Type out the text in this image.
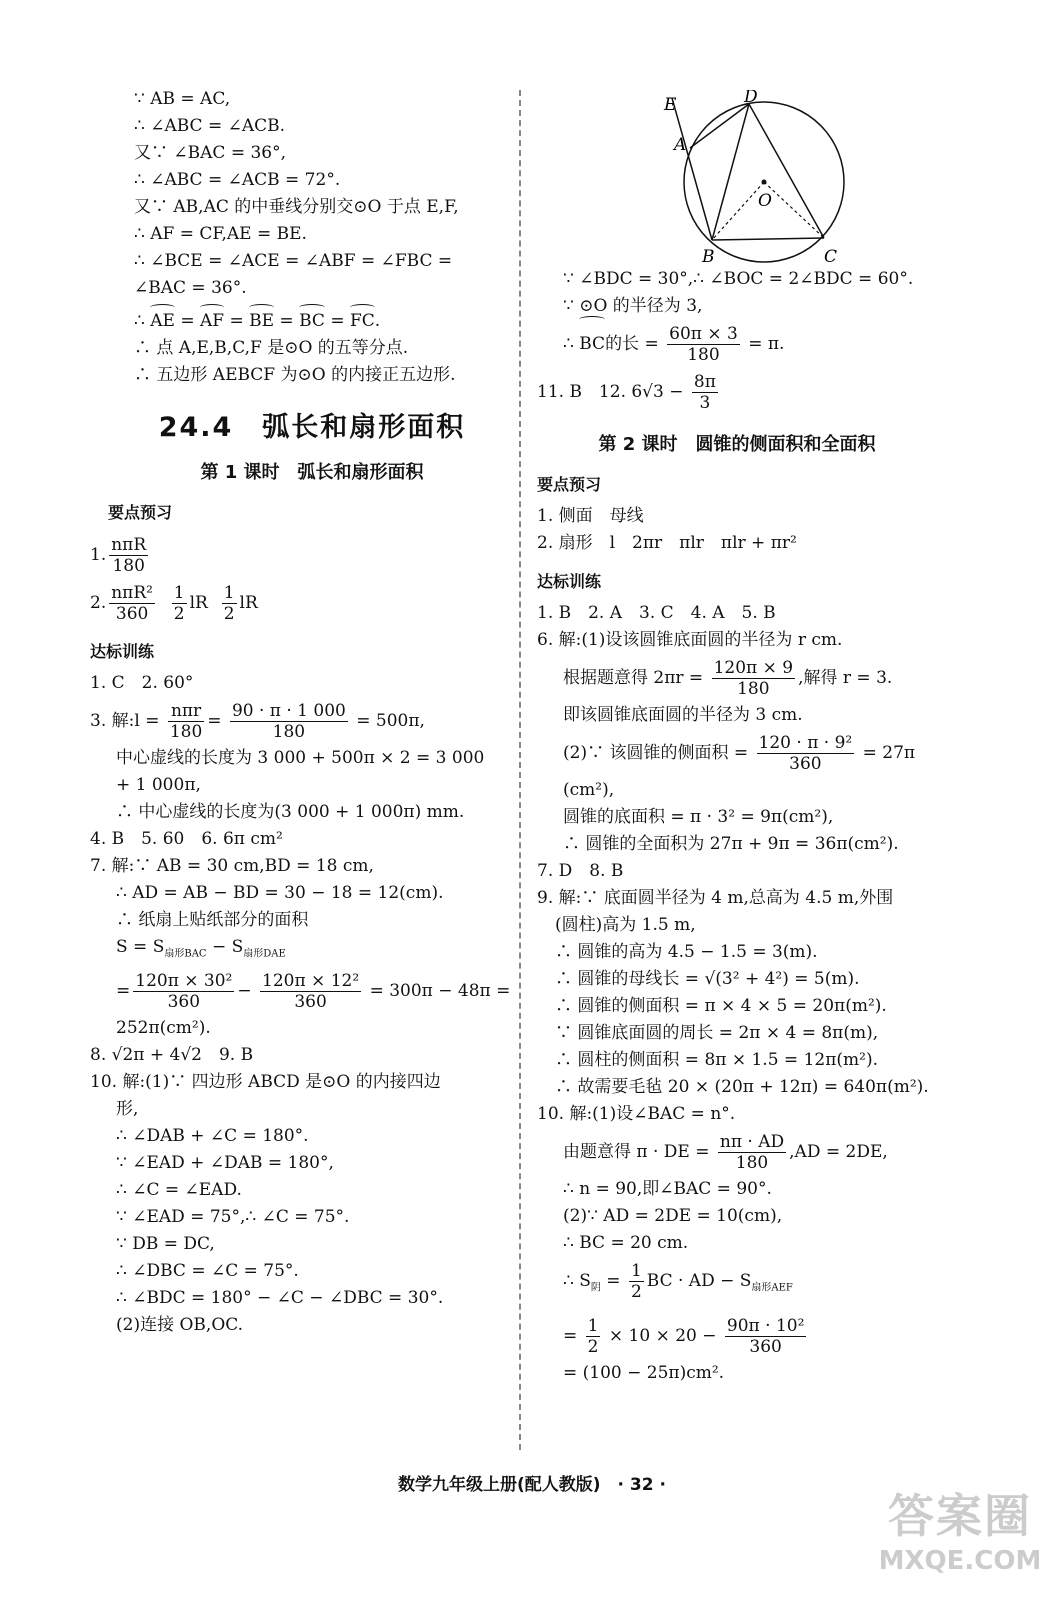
∵ AB = AC,
∴ ∠ABC = ∠ACB.
又∵ ∠BAC = 36°,
∴ ∠ABC = ∠ACB = 72°.
又∵ AB,AC 的中垂线分别交⊙O 于点 E,F,
∴ AF = CF,AE = BE.
∴ ∠BCE = ∠ACE = ∠ABF = ∠FBC =
∠BAC = 36°.
∴ AE = AF = BE = BC = FC.
∴ 点 A,E,B,C,F 是⊙O 的五等分点.
∴ 五边形 AEBCF 为⊙O 的内接正五边形.
24.4　弧长和扇形面积
第 1 课时　弧长和扇形面积
要点预习
1. $\frac{\text{nπR}}{180}$
2. $\frac{\text{nπR²}}{360}$
$\frac{1}{2}$ lR $\frac{1}{2}$ lR
达标训练
1. C　2. 60°
3. 解:l = $\frac{\text{nπr}}{180} = \frac{90 \cdot \pi \cdot 1 000}{180} = 500\pi$,
中心虚线的长度为 3 000 + 500π × 2 = 3 000
+ 1 000π,
∴ 中心虚线的长度为(3 000 + 1 000π) mm.
4. B　5. 60　6. 6π cm²
7. 解:∵ AB = 30 cm,BD = 18 cm,
∴ AD = AB − BD = 30 − 18 = 12(cm).
∴ 纸扇上贴纸部分的面积
$S = S_{扇形BAC} - S_{扇形DAE}$
= $\frac{\text{120π × 30²}}{360} - \frac{\text{120π × 12²}}{360} = 300\pi - 48\pi$ =
252π(cm²).
8. √2π + 4√2　9. B
10. 解:(1)∵ 四边形 ABCD 是⊙O 的内接四边
形,
∴ ∠DAB + ∠C = 180°.
∵ ∠EAD + ∠DAB = 180°,
∴ ∠C = ∠EAD.
∵ ∠EAD = 75°,∴ ∠C = 75°.
∵ DB = DC,
∴ ∠DBC = ∠C = 75°.
∴ ∠BDC = 180° − ∠C − ∠DBC = 30°.
(2)连接 OB,OC.
E	D
A
O
B	C
∵ ∠BDC = 30°,∴ ∠BOC = 2∠BDC = 60°.
∵ ⊙O 的半径为 3,
∴ BC的长 = $\frac{60\pi \times 3}{180} = \pi$.
11. B　12. $6√3 - \frac{8\pi}{3}$
第 2 课时　圆锥的侧面积和全面积
要点预习
1. 侧面　母线
2. 扇形　l　2πr　πlr　πlr + πr²
达标训练
1. B　2. A　3. C　4. A　5. B
6. 解:(1)设该圆锥底面圆的半径为 r cm.
根据题意得 $2\pi r = \frac{120\pi \times 9}{180}$ ,解得 r = 3.
即该圆锥底面圆的半径为 3 cm.
(2)∵ 该圆锥的侧面积 = $\frac{\text{120 · π · 9²}}{360} = 27\pi$
(cm²),
圆锥的底面积 = π · 3² = 9π(cm²),
∴ 圆锥的全面积为 27π + 9π = 36π(cm²).
7. D　8. B
9. 解:∵ 底面圆半径为 4 m,总高为 4.5 m,外围
(圆柱)高为 1.5 m,
∴ 圆锥的高为 4.5 − 1.5 = 3(m).
∴ 圆锥的母线长 = √(3² + 4²) = 5(m).
∴ 圆锥的侧面积 = π × 4 × 5 = 20π(m²).
∵ 圆锥底面圆的周长 = 2π × 4 = 8π(m),
∴ 圆柱的侧面积 = 8π × 1.5 = 12π(m²).
∴ 故需要毛毡 20 × (20π + 12π) = 640π(m²).
10. 解:(1)设∠BAC = n°.
由题意得 π · DE = $\frac{n\pi \cdot AD}{180} ,AD = 2DE$,
∴ n = 90,即∠BAC = 90°.
(2)∵ AD = 2DE = 10(cm),
∴ BC = 20 cm.
∴ $S_阴 = \frac{1}{2}$ BC · AD − $S_{扇形AEF}$
= $\frac{1}{2} \times 10 \times 20 - \frac{\text{90π · 10²}}{360}$
= (100 − 25π)cm².
数学九年级上册(配人教版)　· 32 ·
答案圈
MXQE.COM
